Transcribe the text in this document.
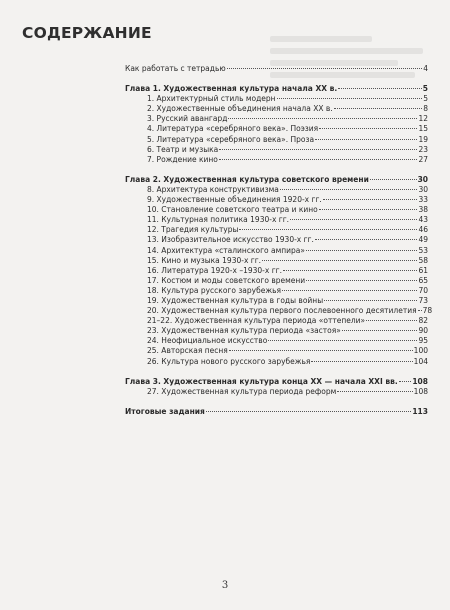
СОДЕРЖАНИЕ
Как работать с тетрадью	4
Глава 1. Художественная культура начала XX в.	5
1. Архитектурный стиль модерн	5
2. Художественные объединения начала XX в.	8
3. Русский авангард	12
4. Литература «серебряного века». Поэзия	15
5. Литература «серебряного века». Проза	19
6. Театр и музыка	23
7. Рождение кино	27
Глава 2. Художественная культура советского времени	30
8. Архитектура конструктивизма	30
9. Художественные объединения 1920-х гг.	33
10. Становление советского театра и кино	38
11. Культурная политика 1930-х гг.	43
12. Трагедия культуры	46
13. Изобразительное искусство 1930-х гг.	49
14. Архитектура «сталинского ампира»	53
15. Кино и музыка 1930-х гг.	58
16. Литература 1920-х –1930-х гг.	61
17. Костюм и моды советского времени	65
18. Культура русского зарубежья	70
19. Художественная культура в годы войны	73
20. Художественная культура первого послевоенного десятилетия 78
21–22. Художественная культура периода «оттепели»	82
23. Художественная культура периода «застоя»	90
24. Неофициальное искусство	95
25. Авторская песня	100
26. Культура нового русского зарубежья	104
Глава 3. Художественная культура конца XX — начала XXI вв. 108
27. Художественная культура периода реформ	108
Итоговые задания	113
3
